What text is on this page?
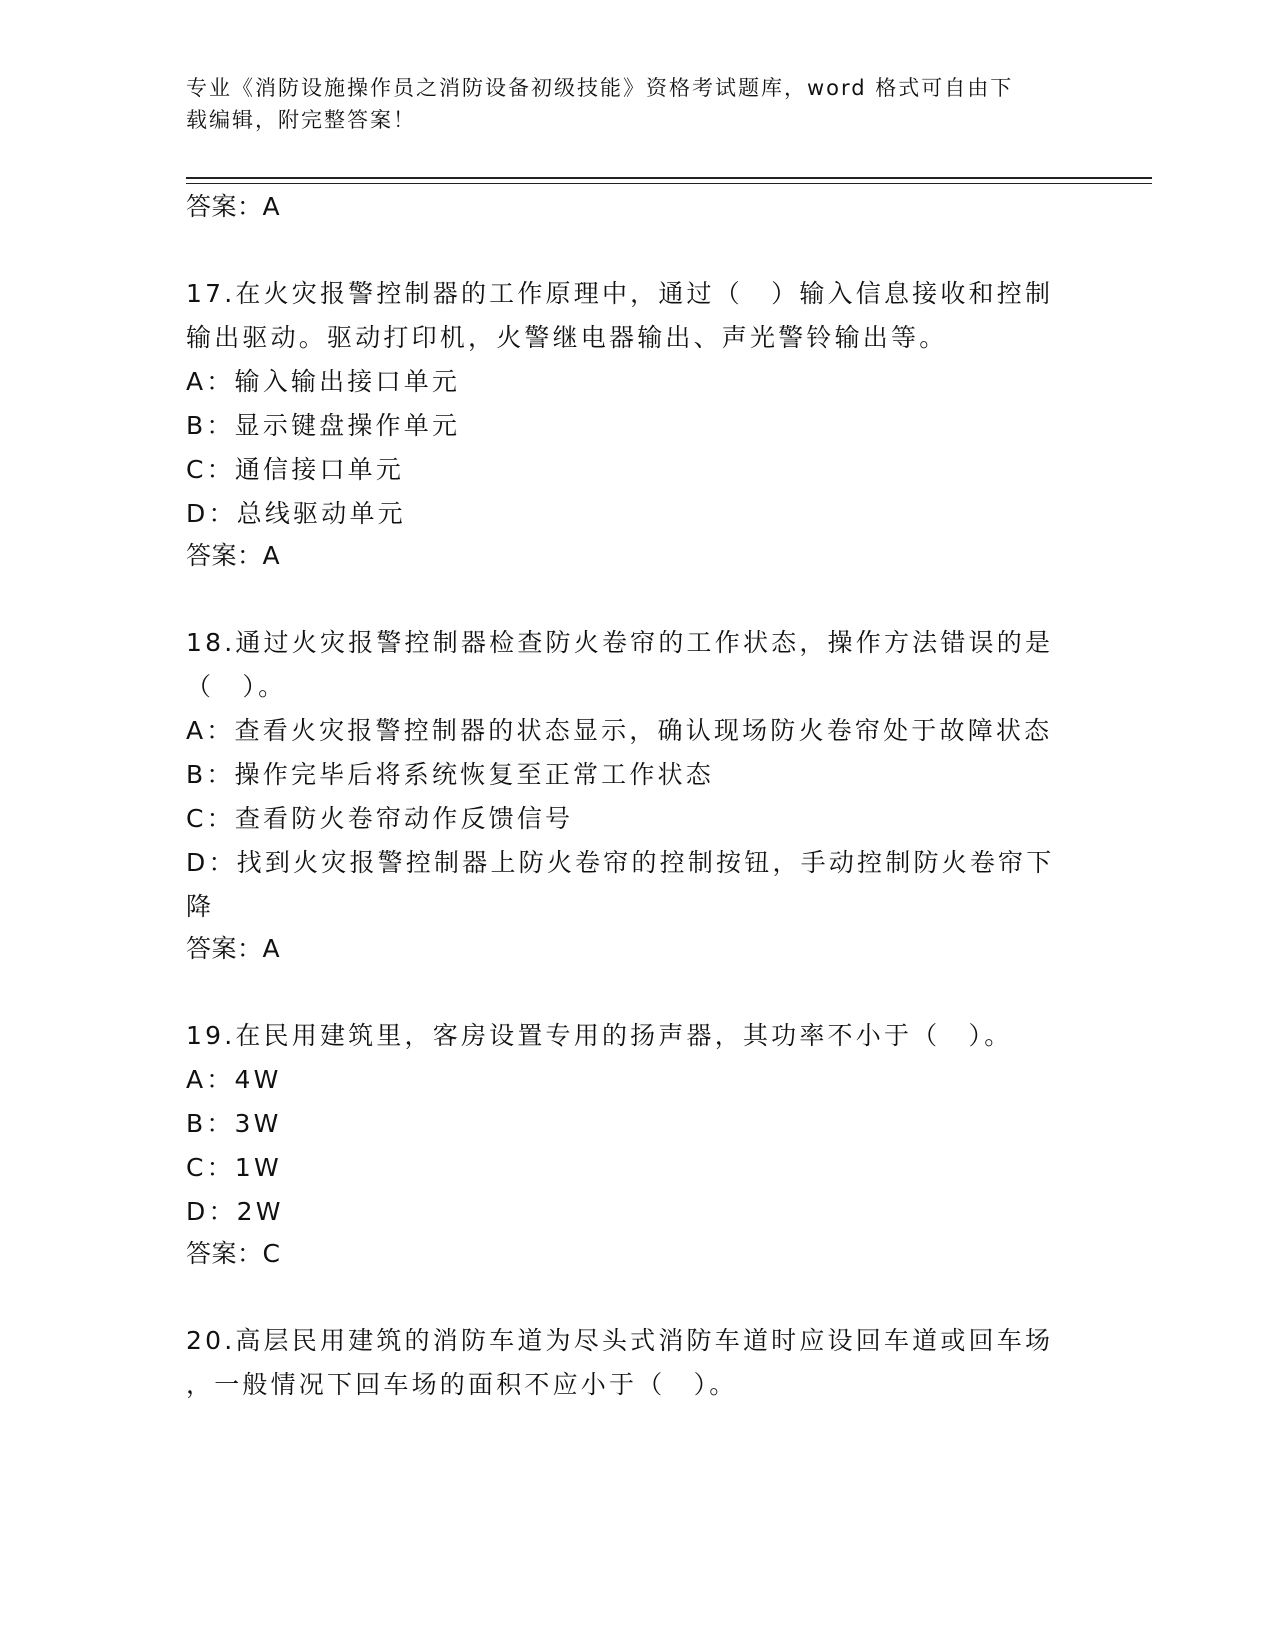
专业《消防设施操作员之消防设备初级技能》资格考试题库，word 格式可自由下
载编辑，附完整答案！
答案：A
17.在火灾报警控制器的工作原理中，通过（　）输入信息接收和控制
输出驱动。驱动打印机，火警继电器输出、声光警铃输出等。
A：输入输出接口单元
B：显示键盘操作单元
C：通信接口单元
D：总线驱动单元
答案：A
18.通过火灾报警控制器检查防火卷帘的工作状态，操作方法错误的是
（　）。
A：查看火灾报警控制器的状态显示，确认现场防火卷帘处于故障状态
B：操作完毕后将系统恢复至正常工作状态
C：查看防火卷帘动作反馈信号
D：找到火灾报警控制器上防火卷帘的控制按钮，手动控制防火卷帘下
降
答案：A
19.在民用建筑里，客房设置专用的扬声器，其功率不小于（　）。
A：4W
B：3W
C：1W
D：2W
答案：C
20.高层民用建筑的消防车道为尽头式消防车道时应设回车道或回车场
，一般情况下回车场的面积不应小于（　）。
